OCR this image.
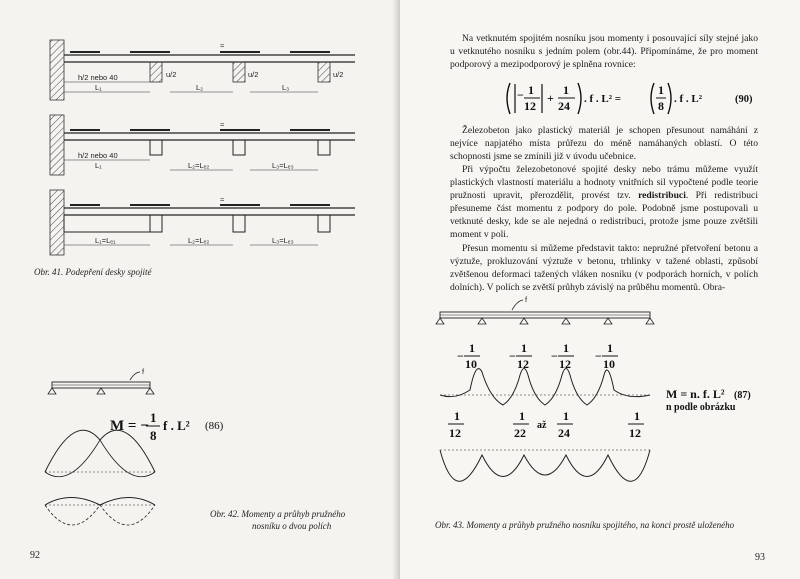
h/2 nebo 40
L₁	L₂	L₃
u/2	u/2	u/2
≈
h/2 nebo 40
L₁	L₂=Lₑ₂	L₃=Lₑ₃
≈
L₁=Lₑ₁	L₂=Lₑ₂	L₃=Lₑ₃
≈
f
M = −
1
8
f . L² (86)
Obr. 41. Podepření desky spojité
Obr. 42. Momenty a průhyb pružného
nosníku o dvou polích
92
Na vetknutém spojitém nosníku jsou momenty i posouvající síly stejné jako u vetknutého nosníku s jedním polem (obr.44). Připomínáme, že pro moment podporový a mezipodporový je splněna rovnice:
− 1
12
+
1
24 . f . L² =
1
8 . f . L²	(90)
f
−
1
10
−
1
12
−
1
12
−
1
10
1
12
1
22
až
1
24
1
12
M = n. f. L² (87)
n podle obrázku
Železobeton jako plastický materiál je schopen přesunout namáhání z nejvíce napjatého místa průřezu do méně namáhaných oblastí. O této schopnosti jsme se zmínili již v úvodu učebnice.
Při výpočtu železobetonové spojité desky nebo trámu můžeme využít plastických vlastností materiálu a hodnoty vnitřních sil vypočtené podle teorie pružnosti upravit, přerozdělit, provést tzv. redistribuci. Při redistribuci přesuneme část momentu z podpory do pole. Podobně jsme postupovali u vetknuté desky, kde se ale nejedná o redistribuci, protože jsme pouze zvětšili moment v poli.
Přesun momentu si můžeme představit takto: nepružné přetvoření betonu a výztuže, prokluzování výztuže v betonu, trhlinky v tažené oblasti, způsobí zvětšenou deformaci tažených vláken nosníku (v podporách horních, v polích dolních). V polích se zvětší průhyb závislý na průběhu momentů. Obra-
Obr. 43. Momenty a průhyb pružného nosníku spojitého, na konci prostě uloženého
93
